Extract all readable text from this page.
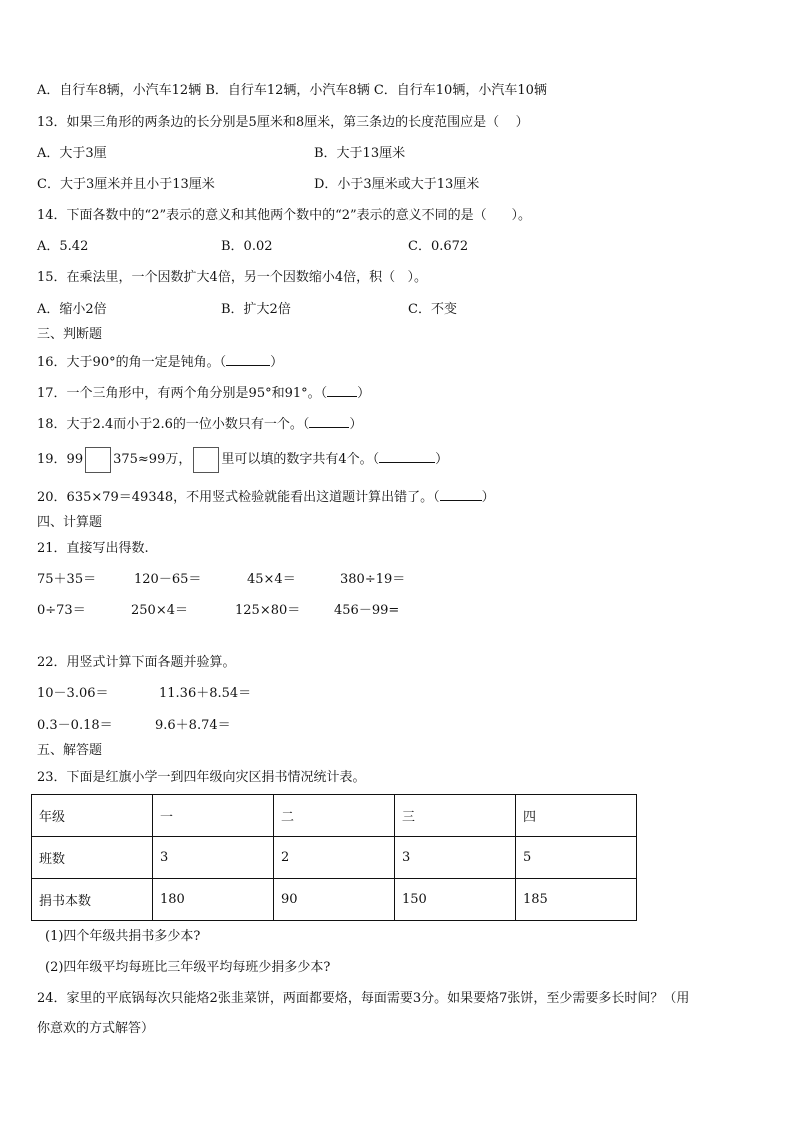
A．自行车8辆，小汽车12辆 B．自行车12辆，小汽车8辆 C．自行车10辆，小汽车10辆
13．如果三角形的两条边的长分别是5厘米和8厘米，第三条边的长度范围应是（    ）
A．大于3厘	B．大于13厘米
C．大于3厘米并且小于13厘米	D．小于3厘米或大于13厘米
14．下面各数中的“2”表示的意义和其他两个数中的“2”表示的意义不同的是（      ）。
A．5.42	B．0.02	C．0.672
15．在乘法里，一个因数扩大4倍，另一个因数缩小4倍，积（   ）。
A．缩小2倍	B．扩大2倍	C．不变
三、判断题
16．大于90°的角一定是钝角。（	）
17．一个三角形中，有两个角分别是95°和91°。（ ）
18．大于2.4而小于2.6的一位小数只有一个。（	）
19．99 375≈99万， 里可以填的数字共有4个。（	）
20．635×79＝49348，不用竖式检验就能看出这道题计算出错了。（	）
四、计算题
21．直接写出得数.
75＋35＝	120－65＝	45×4＝	380÷19＝
0÷73＝	250×4＝	125×80＝	456－99=
22．用竖式计算下面各题并验算。
10－3.06＝	11.36＋8.54＝
0.3－0.18＝	9.6＋8.74＝
五、解答题
23．下面是红旗小学一到四年级向灾区捐书情况统计表。
年级	一	二	三	四
班数	3	2	3	5
捐书本数	180	90	150	185
(1)四个年级共捐书多少本?
(2)四年级平均每班比三年级平均每班少捐多少本?
24．家里的平底锅每次只能烙2张韭菜饼，两面都要烙，每面需要3分。如果要烙7张饼，至少需要多长时间？（用
你意欢的方式解答）
